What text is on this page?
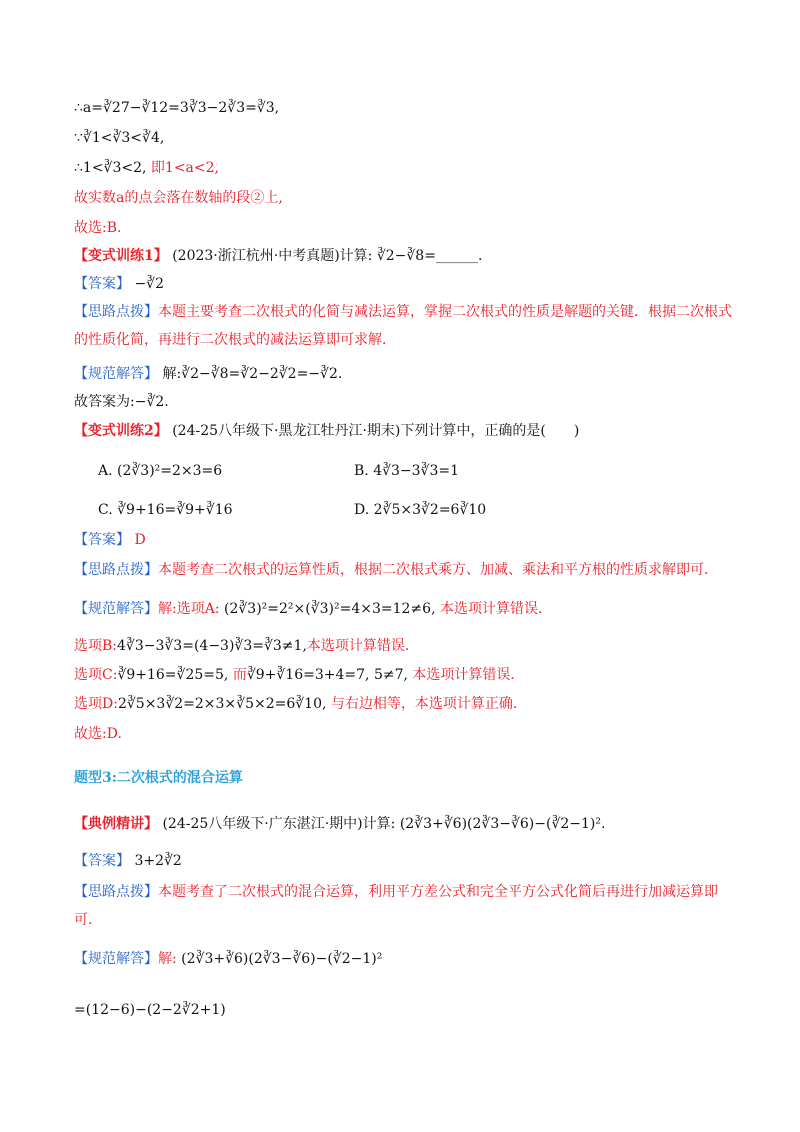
∴a=∛27−∛12=3∛3−2∛3=∛3,
∵∛1<∛3<∛4,
∴1<∛3<2, 即1<a<2,
故实数a的点会落在数轴的段②上,
故选:B.
【变式训练1】 (2023·浙江杭州·中考真题)计算: ∛2−∛8=______.
【答案】 −∛2
【思路点拨】本题主要考查二次根式的化简与减法运算，掌握二次根式的性质是解题的关键．根据二次根式的性质化简，再进行二次根式的减法运算即可求解．
【规范解答】 解:∛2−∛8=∛2−2∛2=−∛2.
故答案为:−∛2.
【变式训练2】 (24-25八年级下·黑龙江牡丹江·期末)下列计算中，正确的是(　　)
A. (2∛3)²=2×3=6	B. 4∛3−3∛3=1
C. ∛9+16=∛9+∛16	D. 2∛5×3∛2=6∛10
【答案】 D
【思路点拨】本题考查二次根式的运算性质，根据二次根式乘方、加减、乘法和平方根的性质求解即可．
【规范解答】解:选项A: (2∛3)²=2²×(∛3)²=4×3=12≠6, 本选项计算错误．
选项B:4∛3−3∛3=(4−3)∛3=∛3≠1,本选项计算错误．
选项C:∛9+16=∛25=5, 而∛9+∛16=3+4=7, 5≠7, 本选项计算错误．
选项D:2∛5×3∛2=2×3×∛5×2=6∛10, 与右边相等，本选项计算正确．
故选:D.
题型3:二次根式的混合运算
【典例精讲】 (24-25八年级下·广东湛江·期中)计算: (2∛3+∛6)(2∛3−∛6)−(∛2−1)².
【答案】 3+2∛2
【思路点拨】本题考查了二次根式的混合运算，利用平方差公式和完全平方公式化简后再进行加减运算即可．
【规范解答】解: (2∛3+∛6)(2∛3−∛6)−(∛2−1)²
=(12−6)−(2−2∛2+1)
